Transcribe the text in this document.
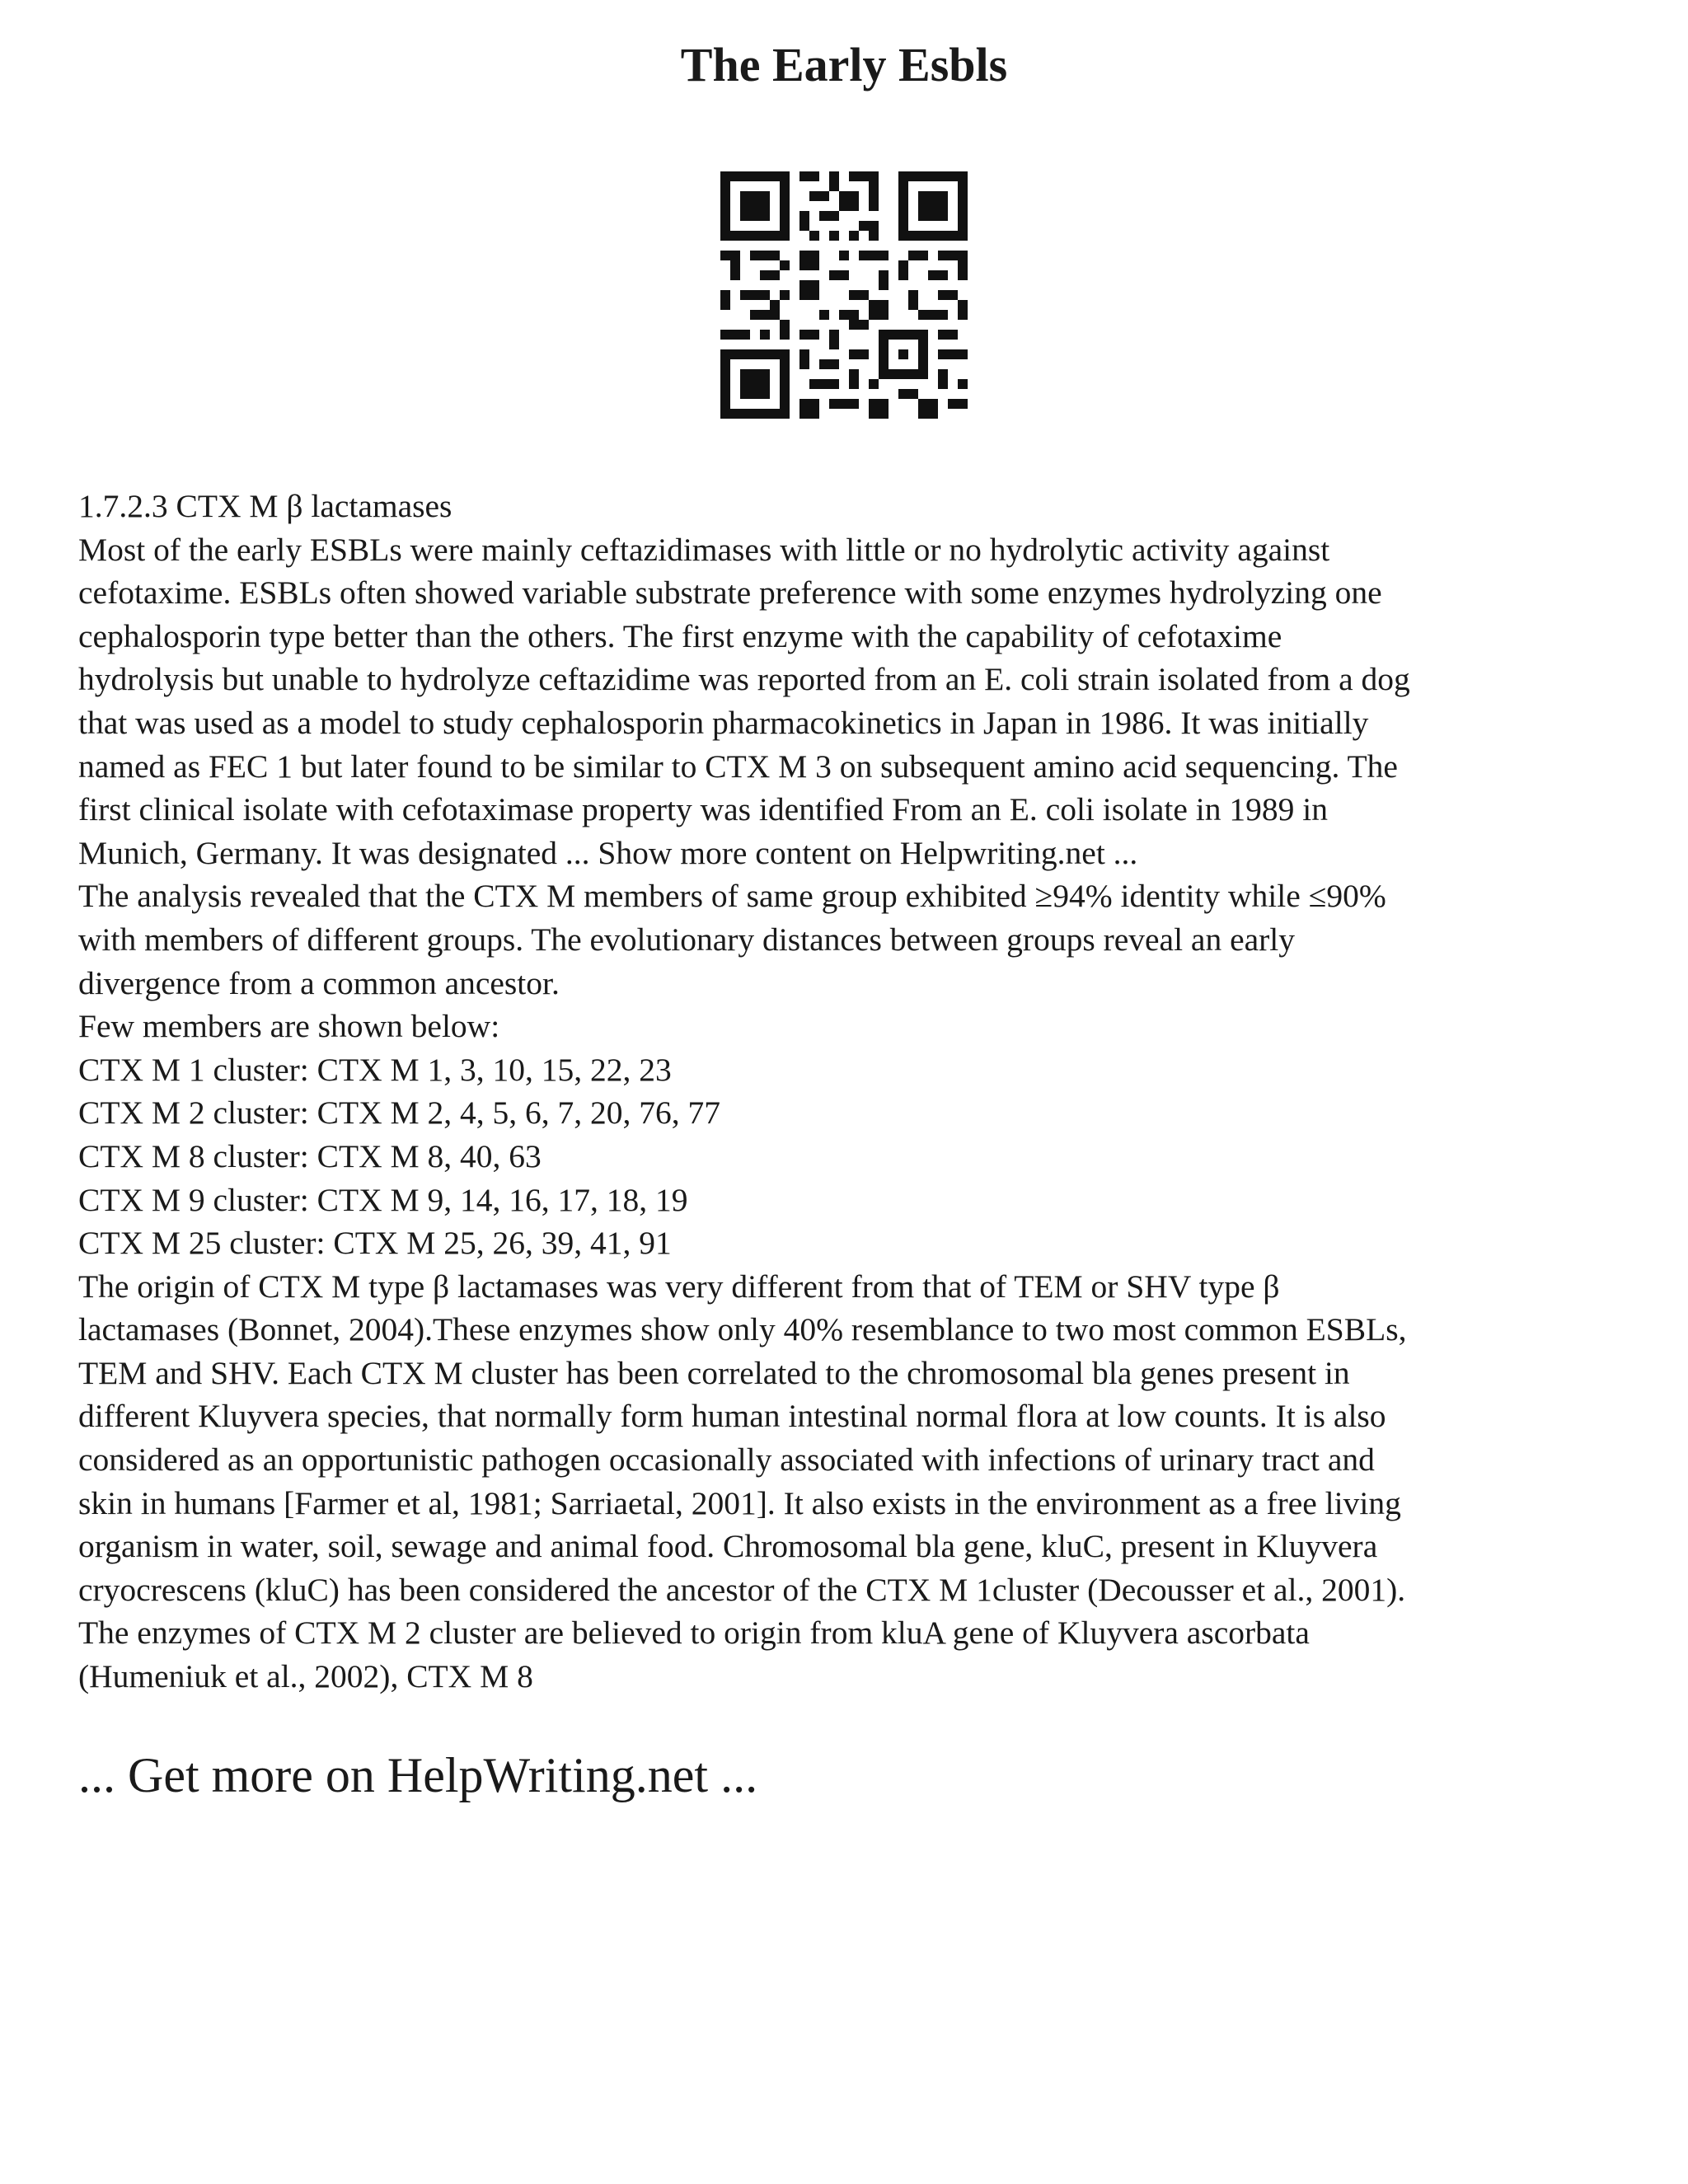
The Early Esbls
1.7.2.3 CTX M β lactamases
Most of the early ESBLs were mainly ceftazidimases with little or no hydrolytic activity against
cefotaxime. ESBLs often showed variable substrate preference with some enzymes hydrolyzing one
cephalosporin type better than the others. The first enzyme with the capability of cefotaxime
hydrolysis but unable to hydrolyze ceftazidime was reported from an E. coli strain isolated from a dog
that was used as a model to study cephalosporin pharmacokinetics in Japan in 1986. It was initially
named as FEC 1 but later found to be similar to CTX M 3 on subsequent amino acid sequencing. The
first clinical isolate with cefotaximase property was identified From an E. coli isolate in 1989 in
Munich, Germany. It was designated ... Show more content on Helpwriting.net ...
The analysis revealed that the CTX M members of same group exhibited ≥94% identity while ≤90%
with members of different groups. The evolutionary distances between groups reveal an early
divergence from a common ancestor.
Few members are shown below:
CTX M 1 cluster: CTX M 1, 3, 10, 15, 22, 23
CTX M 2 cluster: CTX M 2, 4, 5, 6, 7, 20, 76, 77
CTX M 8 cluster: CTX M 8, 40, 63
CTX M 9 cluster: CTX M 9, 14, 16, 17, 18, 19
CTX M 25 cluster: CTX M 25, 26, 39, 41, 91
The origin of CTX M type β lactamases was very different from that of TEM or SHV type β
lactamases (Bonnet, 2004).These enzymes show only 40% resemblance to two most common ESBLs,
TEM and SHV. Each CTX M cluster has been correlated to the chromosomal bla genes present in
different Kluyvera species, that normally form human intestinal normal flora at low counts. It is also
considered as an opportunistic pathogen occasionally associated with infections of urinary tract and
skin in humans [Farmer et al, 1981; Sarriaetal, 2001]. It also exists in the environment as a free living
organism in water, soil, sewage and animal food. Chromosomal bla gene, kluC, present in Kluyvera
cryocrescens (kluC) has been considered the ancestor of the CTX M 1cluster (Decousser et al., 2001).
The enzymes of CTX M 2 cluster are believed to origin from kluA gene of Kluyvera ascorbata
(Humeniuk et al., 2002), CTX M 8
... Get more on HelpWriting.net ...
